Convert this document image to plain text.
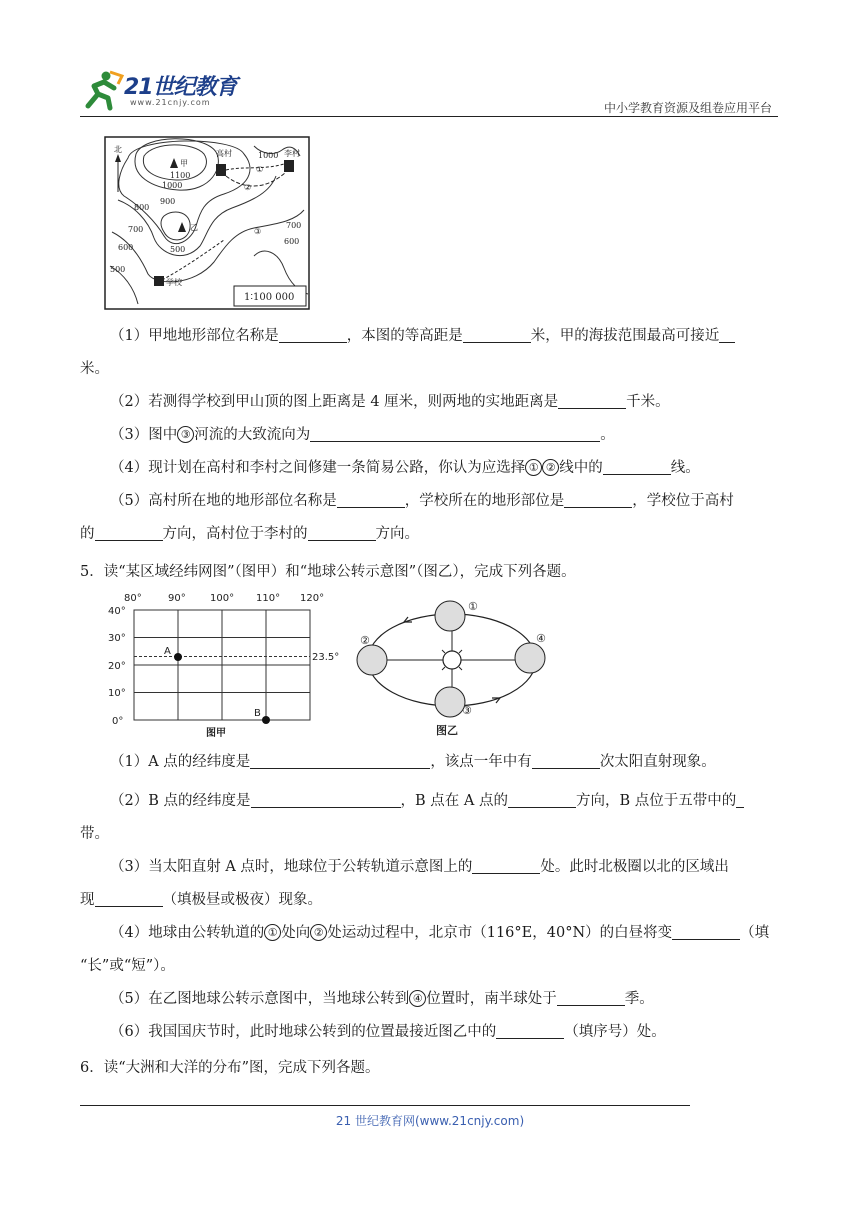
21世纪教育
www.21cnjy.com	中小学教育资源及组卷应用平台
北
甲
1100
高村	1000 李村
①
②
1000
900
800
700
600
500
乙
500
③
700
600
学校
1∶100 000
（1）甲地地形部位名称是	，本图的等高距是	米，甲的海拔范围最高可接近
米。
（2）若测得学校到甲山顶的图上距离是 4 厘米，则两地的实地距离是	千米。
（3）图中 ③ 河流的大致流向为	。
（4）现计划在高村和李村之间修建一条简易公路，你认为应选择 ① ② 线中的	线。
（5）高村所在地的地形部位名称是	，学校所在的地形部位是	，学校位于高村
的	方向，高村位于李村的	方向。
5．读“某区域经纬网图”（图甲）和“地球公转示意图”（图乙），完成下列各题。
80°	90° 100° 110° 120°
40°
30°
20°
10°
0°
23.5°
A
B
图甲
①
②
③
④
图乙
（1）A 点的经纬度是	，该点一年中有	次太阳直射现象。
（2）B 点的经纬度是	，B 点在 A 点的	方向，B 点位于五带中的
带。
（3）当太阳直射 A 点时，地球位于公转轨道示意图上的	处。此时北极圈以北的区域出
现	（填极昼或极夜）现象。
（4）地球由公转轨道的 ① 处向 ② 处运动过程中，北京市（116°E，40°N）的白昼将变	（填
“长”或“短”）。
（5）在乙图地球公转示意图中，当地球公转到 ④ 位置时，南半球处于	季。
（6）我国国庆节时，此时地球公转到的位置最接近图乙中的	（填序号）处。
6．读“大洲和大洋的分布”图，完成下列各题。
21 世纪教育网(www.21cnjy.com)
